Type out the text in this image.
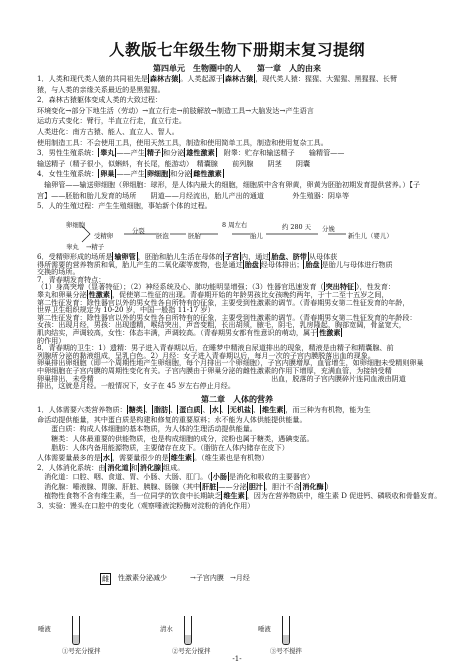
人教版七年级生物下册期末复习提纲
第四单元　生物圈中的人　　第一章　人的由来
1．人类和现代类人猿的共同祖先是 森林古猿 。人类起源于 森林古猿 ，现代类人猿：猩猩、大猩猩、黑猩猩、长臂
猿，与人类的亲缘关系最近的是黑猩猩。
2．森林古猿躯体变成人类的大致过程：
环境变化→部分下地生活（劳动）→直立行走→前肢解放→制造工具→大脑发达→产生语言
运动方式变化：臂行，半直立行走，直立行走。
人类进化：南方古猿、能人、直立人、智人。
使用制造工具：不会使用工具，使用天然工具，制造和使用简单工具，制造和使用复杂工具。
3．男性生殖系统： 睾丸 ——产生 精子 和分泌 雄性激素　附睾：贮存和输送精子　　输精管——
输送精子（精子很小，似蝌蚪，有长尾，能游动）　精囊腺　　前列腺　　阴茎　　阴囊
4．女性生殖系统： 卵巢 ——产生 卵细胞 和分泌 雌性激素
　输卵管——输送卵细胞（卵细胞：球形，是人体内最大的细胞，细胞质中含有卵黄，卵黄为胚胎初期发育提供营养。）【子
宫】——胚胎和胎儿发育的场所　　阴道——月经流出，胎儿产出的通道　　　　外生殖器：阴阜等
5．人的生殖过程：产生生殖细胞，事始新个体的过程。
6．受精卵形成的场所是 输卵管 ，胚胎和胎儿生活在母体的 子宫 内，通过 胎盘、脐带 从母体获
得所需要的营养物质和氧，胎儿产生的二氧化碳等废物，也是通过 胎盘 经母体排出； 胎盘 是胎儿与母体进行物质
交换的场所。
7．青春期发育特点：
（1）身高突增（显著特征）；（2）神经系统及心、肺功能明显增强；（3）性器官迅速发育（ 突出特征 ），性发育：
睾丸和卵巢分泌 性激素 ，促使第二性征的出现。青春期开始的年龄男孩比女孩晚约两年，于十二至十五岁之间，
第二性征发育：除性器官以外的男女性各自所特有的征象，主要受到性激素的调节。（青春期男女第二性征发育的年龄，
世界卫生组织规定为 10-20 岁，中国一般指 11-17 岁）
第二性征发育：除性器官以外的男女性各自所特有的征象，主要受到性激素的调节。（青春期男女第二性征发育的年龄段：
女孩：出现月经，男孩：出现遗精，喉结突出，声音变粗，长出胡须，腋毛，阴毛，乳房隆起，胸部宽阔，骨盆宽大，
肌肉结实，声调较高，女性：体态丰满，声调较高。（青春期男女都有性意识的萌动，属于 性激素
的作用）
8．青春期的卫生：1）遗精：男子进入青春期以后，在睡梦中精液自尿道排出的现象，精液是由精子和精囊腺、前
列腺所分泌的黏液组成，呈乳白色。2）月经：女子进入青春期以后，每月一次的子宫内膜脱落出血的现象。
卵巢排出卵细胞（即一个周期性地产生卵细胞，每个月排出一个卵细胞），子宫内膜增厚，血管增生，如卵细胞未受精则卵巢
中卵细胞在子宫内膜的周期性变化有关。子宫内膜由于卵巢分泌的雌性激素的作用下增厚，充满血管，为接纳受精
卵巢排出，未受精　　　　　　　　　　　　　　　　　　　　　　　　　出血，脱落的子宫内膜碎片连同血液由阴道
排出，这就是月经。一般情况下，女子在 45 岁左右停止月经。
卵细胞
受精卵
分裂
胚泡	胚胎
8 周左右
胎儿
约 280 天 分娩
新生儿（婴儿）
睾丸 →精子
雌 性激素分泌减少	→子宫内膜 →月经
第二章　人体的营养
1．人体需要六类营养物质： 糖类 、 脂肪 、 蛋白质 、 水 、 无机盐 、 维生素 ，而三种为有机物，能为生
命活动提供能量，其中蛋白质是构建和修复的重要原料；水不能为人体供能提供能量。
　　蛋白质：构成人体细胞的基本物质，为人体的生理活动提供能量。
　　糖类：人体最重要的供能物质，也是构成细胞的成分，淀粉也属于糖类，遇碘变蓝。
　　脂肪：人体内备用能源物质，主要储存在皮下。（脂肪在人体内储存在皮下）
人体需要量最多的是 水 ，需要量很少的是 维生素 。（维生素也是有机物）
2．人体消化系统：由 消化道 和 消化腺 组成。
　消化道：口腔、咽、食道、胃、小肠、大肠、肛门。（ 小肠 是消化和吸收的主要器官）
　消化腺：唾液腺、胃腺、肝脏、胰腺、肠腺（其中 肝脏 ——分泌 胆汁 ，胆汁不含 消化酶 ）
　植物性食物不含有维生素，当一位同学的饮食中长期缺乏 维生素 ，因为在营养物质中，维生素 D 促进钙、磷吸收和骨骼发育。
3．实验：馒头在口腔中的变化（观察唾液淀粉酶对淀粉的消化作用）
唾液
①号充分搅拌
清水
②号充分搅拌
唾液
③号不搅拌
-1-
